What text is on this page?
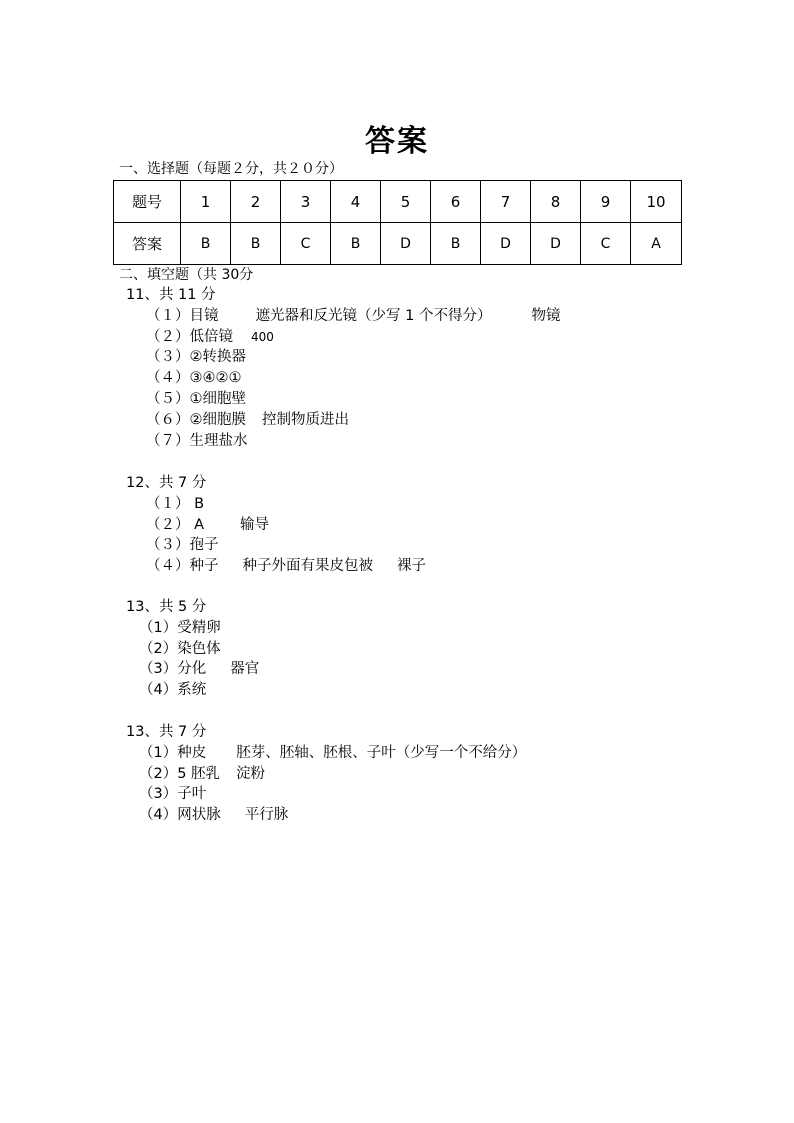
答案
一、选择题（每题２分，共２０分）
题号	1	2	3	4	5	6	7	8	9	10
答案	B	B	C	B	D	B	D	D	C	A
二、填空题（共 30分
11、共 11 分
（１）目镜	遮光器和反光镜（少写 1 个不得分）	物镜
（２）低倍镜 400
（３）②转换器
（４）③④②①
（５）①细胞壁
（６）②细胞膜 控制物质进出
（７）生理盐水
12、共 7 分
（１） B
（２） A 输导
（３）孢子
（４）种子 种子外面有果皮包被 裸子
13、共 5 分
（1）受精卵
（2）染色体
（3）分化 器官
（4）系统
13、共 7 分
（1）种皮 胚芽、胚轴、胚根、子叶（少写一个不给分）
（2）5 胚乳 淀粉
（3）子叶
（4）网状脉 平行脉
